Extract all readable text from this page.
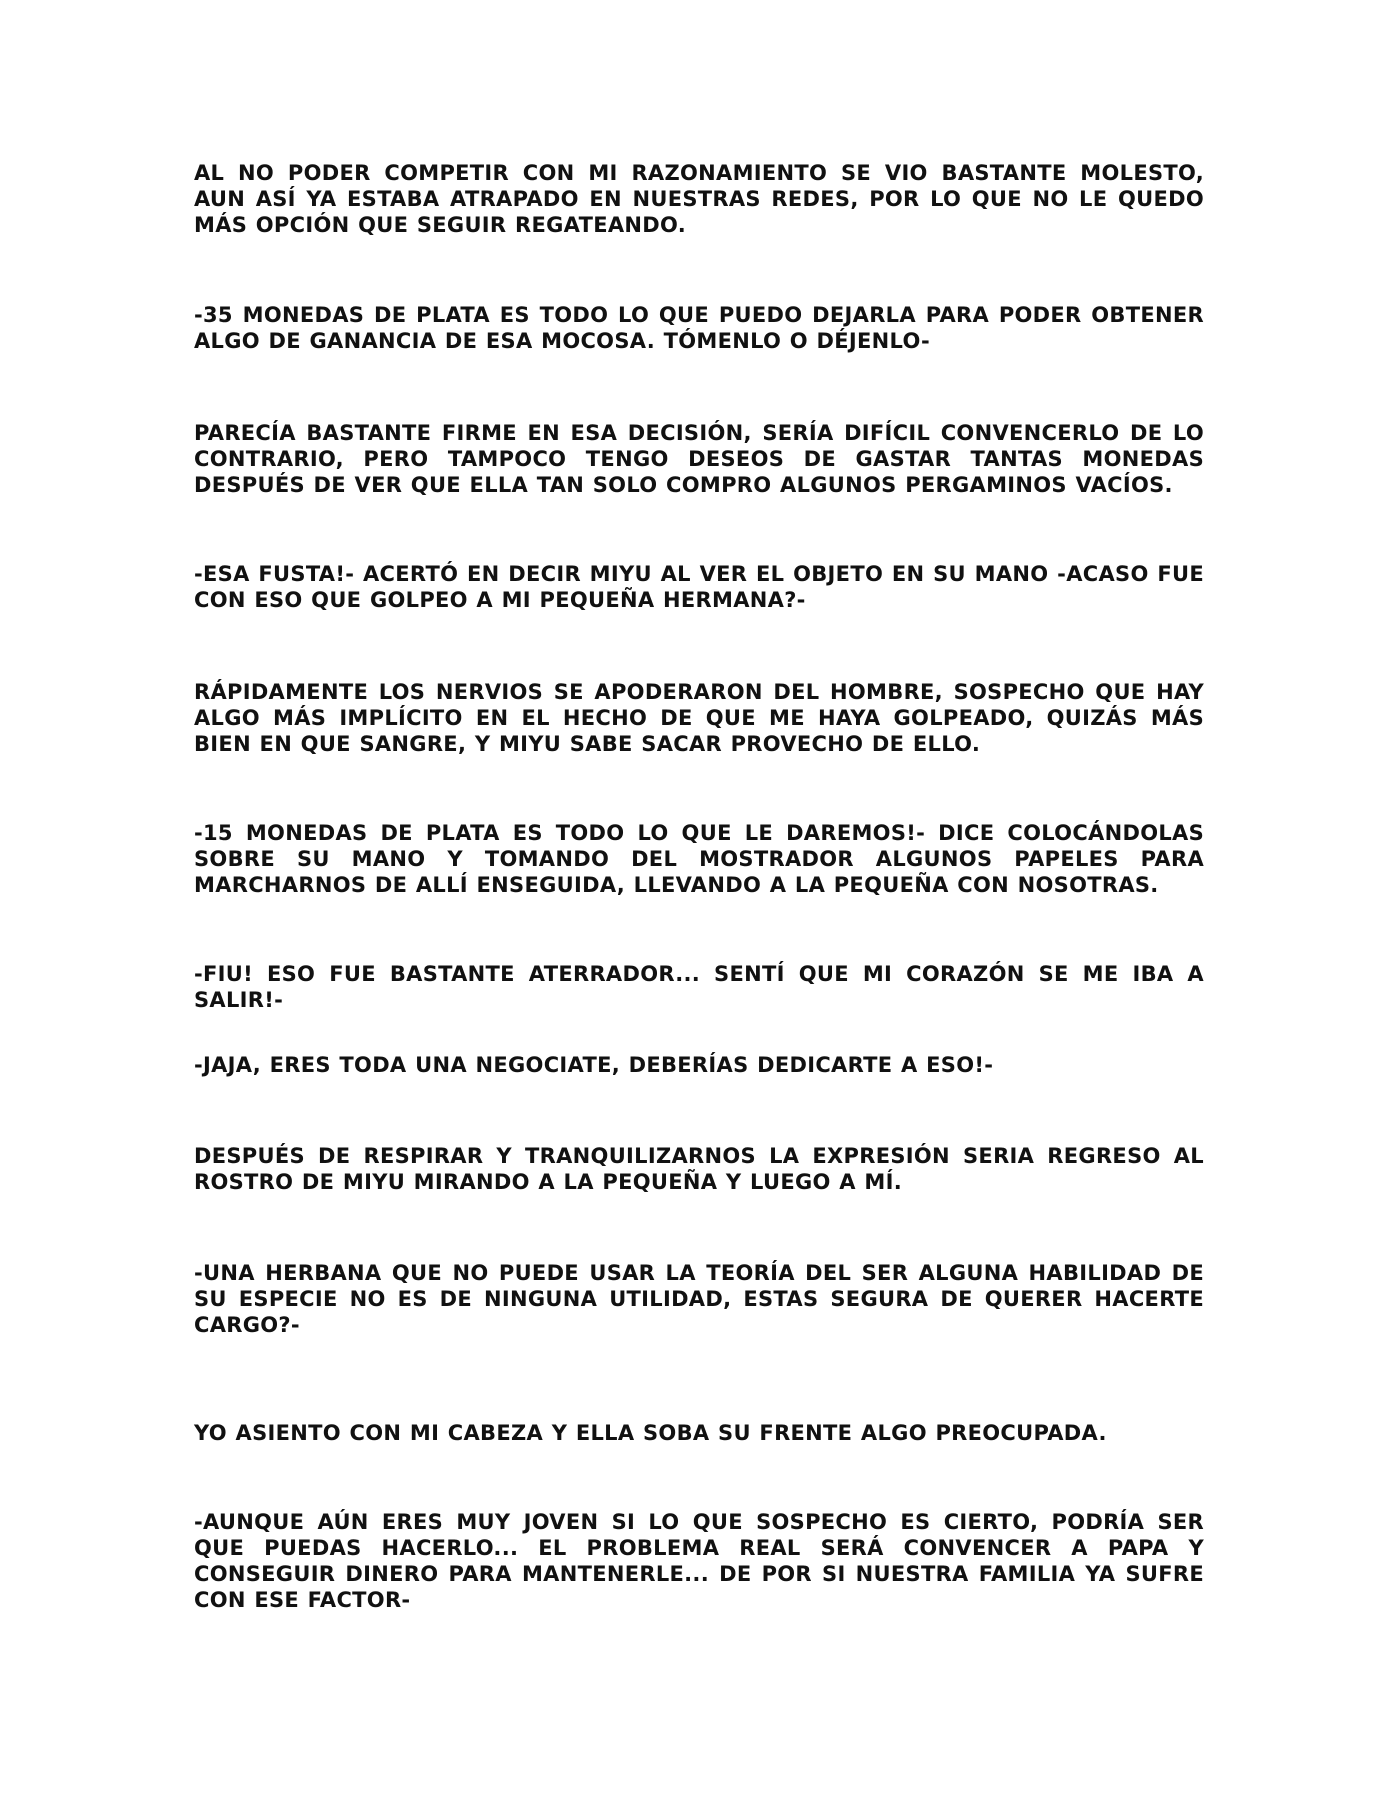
AL NO PODER COMPETIR CON MI RAZONAMIENTO SE VIO BASTANTE MOLESTO, AUN ASÍ YA ESTABA ATRAPADO EN NUESTRAS REDES, POR LO QUE NO LE QUEDO MÁS OPCIÓN QUE SEGUIR REGATEANDO.

-35 MONEDAS DE PLATA ES TODO LO QUE PUEDO DEJARLA PARA PODER OBTENER ALGO DE GANANCIA DE ESA MOCOSA. TÓMENLO O DÉJENLO-

PARECÍA BASTANTE FIRME EN ESA DECISIÓN, SERÍA DIFÍCIL CONVENCERLO DE LO CONTRARIO, PERO TAMPOCO TENGO DESEOS DE GASTAR TANTAS MONEDAS DESPUÉS DE VER QUE ELLA TAN SOLO COMPRO ALGUNOS PERGAMINOS VACÍOS.

-ESA FUSTA!- ACERTÓ EN DECIR MIYU AL VER EL OBJETO EN SU MANO -ACASO FUE CON ESO QUE GOLPEO A MI PEQUEÑA HERMANA?-

RÁPIDAMENTE LOS NERVIOS SE APODERARON DEL HOMBRE, SOSPECHO QUE HAY ALGO MÁS IMPLÍCITO EN EL HECHO DE QUE ME HAYA GOLPEADO, QUIZÁS MÁS BIEN EN QUE SANGRE, Y MIYU SABE SACAR PROVECHO DE ELLO.

-15 MONEDAS DE PLATA ES TODO LO QUE LE DAREMOS!- DICE COLOCÁNDOLAS SOBRE SU MANO Y TOMANDO DEL MOSTRADOR ALGUNOS PAPELES PARA MARCHARNOS DE ALLÍ ENSEGUIDA, LLEVANDO A LA PEQUEÑA CON NOSOTRAS.

-FIU! ESO FUE BASTANTE ATERRADOR... SENTÍ QUE MI CORAZÓN SE ME IBA A SALIR!-

-JAJA, ERES TODA UNA NEGOCIATE, DEBERÍAS DEDICARTE A ESO!-

DESPUÉS DE RESPIRAR Y TRANQUILIZARNOS LA EXPRESIÓN SERIA REGRESO AL ROSTRO DE MIYU MIRANDO A LA PEQUEÑA Y LUEGO A MÍ.

-UNA HERBANA QUE NO PUEDE USAR LA TEORÍA DEL SER ALGUNA HABILIDAD DE SU ESPECIE NO ES DE NINGUNA UTILIDAD, ESTAS SEGURA DE QUERER HACERTE CARGO?-

YO ASIENTO CON MI CABEZA Y ELLA SOBA SU FRENTE ALGO PREOCUPADA.

-AUNQUE AÚN ERES MUY JOVEN SI LO QUE SOSPECHO ES CIERTO, PODRÍA SER QUE PUEDAS HACERLO... EL PROBLEMA REAL SERÁ CONVENCER A PAPA Y CONSEGUIR DINERO PARA MANTENERLE... DE POR SI NUESTRA FAMILIA YA SUFRE CON ESE FACTOR-
